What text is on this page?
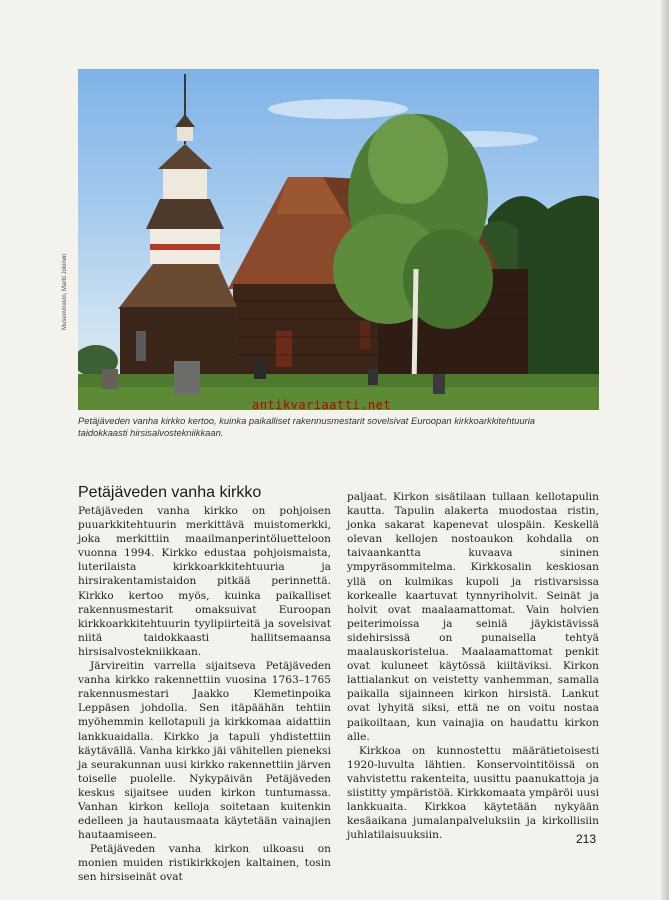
Museovirasto, Martti Jokinen
antikvariaatti.net
Petäjäveden vanha kirkko kertoo, kuinka paikalliset rakennusmestarit sovelsivat Euroopan kirkkoarkkitehtuuria taidokkaasti hirsisalvostekniikkaan.
Petäjäveden vanha kirkko

Petäjäveden vanha kirkko on pohjoisen puuarkkitehtuurin merkittävä muistomerkki, joka merkittiin maailmanperintöluetteloon vuonna 1994. Kirkko edustaa pohjoismaista, luterilaista kirkkoarkkitehtuuria ja hirsirakentamistaidon pitkää perinnettä. Kirkko kertoo myös, kuinka paikalliset rakennusmestarit omaksuivat Euroopan kirkkoarkkitehtuurin tyylipiirteitä ja sovelsivat niitä taidokkaasti hallitsemaansa hirsisalvostekniikkaan.

Järvireitin varrella sijaitseva Petäjäveden vanha kirkko rakennettiin vuosina 1763–1765 rakennusmestari Jaakko Klemetinpoika Leppäsen johdolla. Sen itäpäähän tehtiin myöhemmin kellotapuli ja kirkkomaa aidattiin lankkuaidalla. Kirkko ja tapuli yhdistettiin käytävällä. Vanha kirkko jäi vähitellen pieneksi ja seurakunnan uusi kirkko rakennettiin järven toiselle puolelle. Nykypäivän Petäjäveden keskus sijaitsee uuden kirkon tuntumassa. Vanhan kirkon kelloja soitetaan kuitenkin edelleen ja hautausmaata käytetään vainajien hautaamiseen.

Petäjäveden vanha kirkon ulkoasu on monien muiden ristikirkkojen kaltainen, tosin sen hirsiseinät ovat

paljaat. Kirkon sisätilaan tullaan kellotapulin kautta. Tapulin alakerta muodostaa ristin, jonka sakarat kapenevat ulospäin. Keskellä olevan kellojen nostoaukon kohdalla on taivaankantta kuvaava sininen ympyräsommitelma. Kirkkosalin keskiosan yllä on kulmikas kupoli ja ristivarsissa korkealle kaartuvat tynnyriholvit. Seinät ja holvit ovat maalaamattomat. Vain holvien peiterimoissa ja seiniä jäykistävissä sidehirsissä on punaisella tehtyä maalauskoristelua. Maalaamattomat penkit ovat kuluneet käytössä kiiltäviksi. Kirkon lattialankut on veistetty vanhemman, samalla paikalla sijainneen kirkon hirsistä. Lankut ovat lyhyitä siksi, että ne on voitu nostaa paikoiltaan, kun vainajia on haudattu kirkon alle.

Kirkkoa on kunnostettu määrätietoisesti 1920-luvulta lähtien. Konservointitöissä on vahvistettu rakenteita, uusittu paanukattoja ja siistitty ympäristöä. Kirkkomaata ympäröi uusi lankkuaita. Kirkkoa käytetään nykyään kesäaikana jumalanpalveluksiin ja kirkollisiin juhlatilaisuuksiin.	213
